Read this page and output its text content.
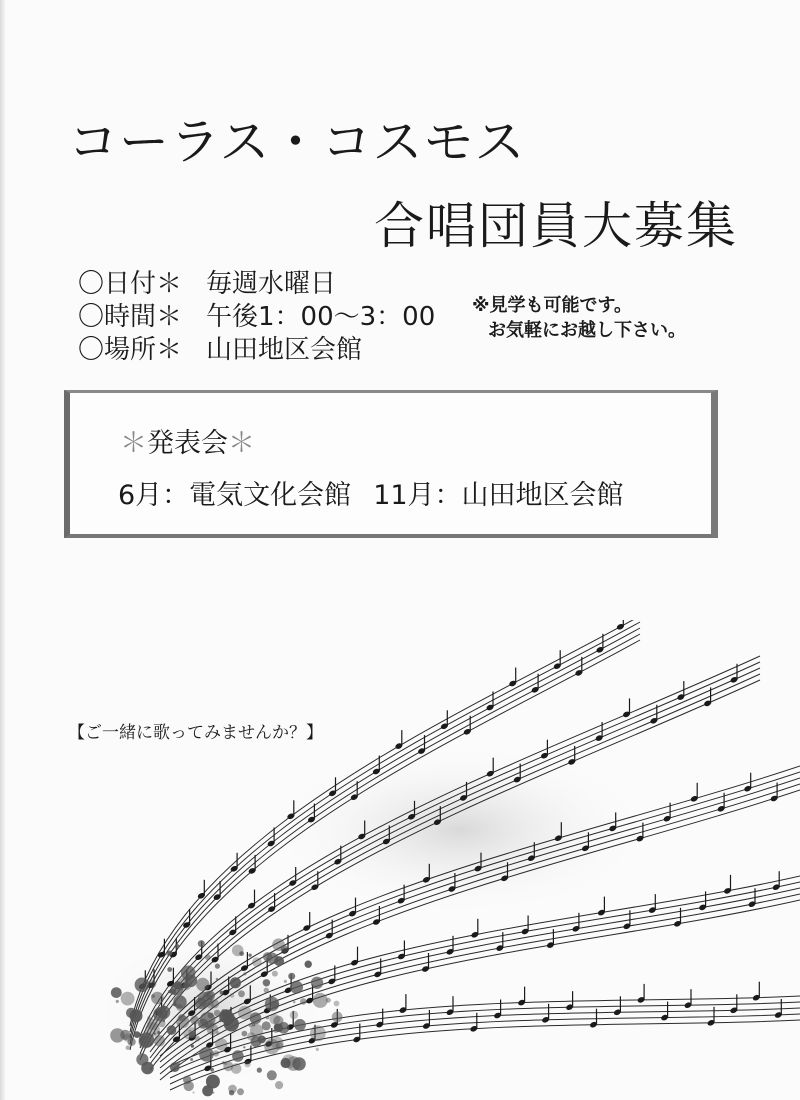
コーラス・コスモス
合唱団員大募集
〇日付＊ 毎週水曜日
〇時間＊ 午後1：00～3：00
〇場所＊ 山田地区会館
※見学も可能です。
お気軽にお越し下さい。
＊発表会＊
6月：電気文化会館 11月：山田地区会館
【ご一緒に歌ってみませんか？】
